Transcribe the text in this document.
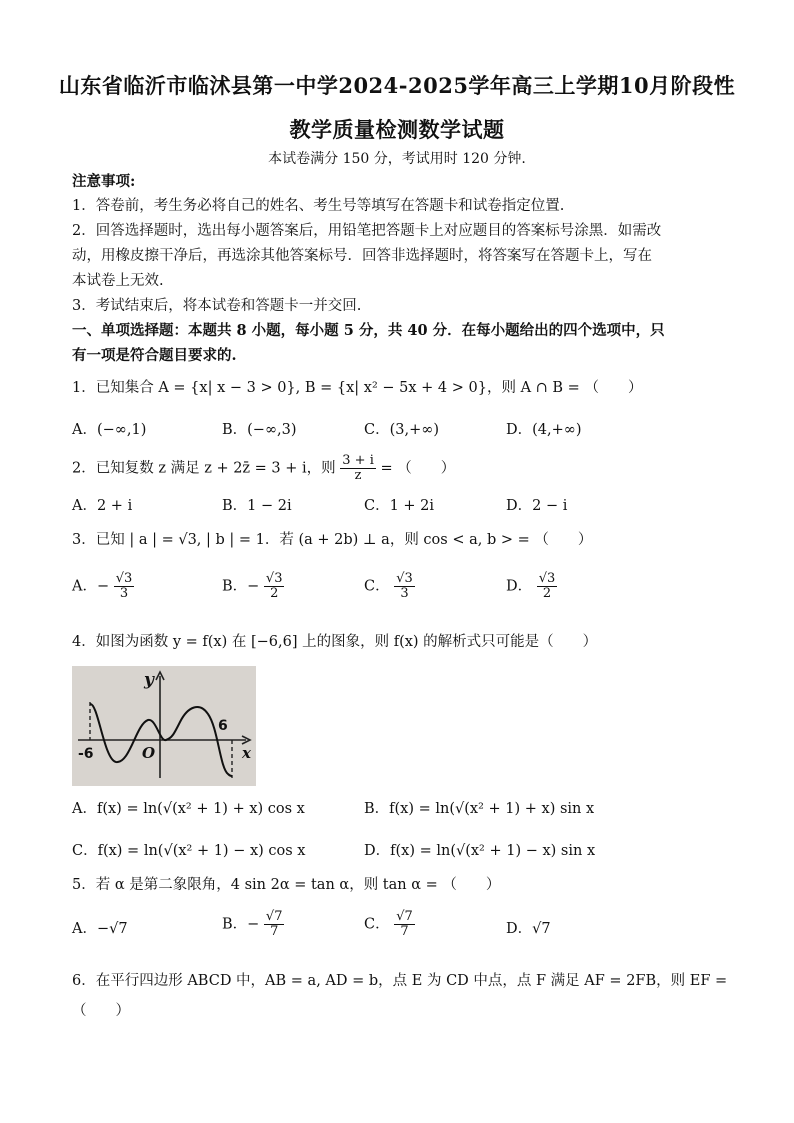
山东省临沂市临沭县第一中学2024-2025学年高三上学期10月阶段性
教学质量检测数学试题
本试卷满分 150 分，考试用时 120 分钟.
注意事项:
1．答卷前，考生务必将自己的姓名、考生号等填写在答题卡和试卷指定位置.
2．回答选择题时，选出每小题答案后，用铅笔把答题卡上对应题目的答案标号涂黑．如需改
动，用橡皮擦干净后，再选涂其他答案标号．回答非选择题时，将答案写在答题卡上，写在
本试卷上无效.
3．考试结束后，将本试卷和答题卡一并交回.
一、单项选择题：本题共 8 小题，每小题 5 分，共 40 分．在每小题给出的四个选项中，只
有一项是符合题目要求的.
1．已知集合 A = {x| x − 3 > 0}, B = {x| x² − 5x + 4 > 0}，则 A ∩ B = （　　）
A．(−∞,1)	B．(−∞,3)	C．(3,+∞)	D．(4,+∞)
2．已知复数 z 满足 z + 2z̄ = 3 + i，则 $\frac{3 + i}{z}$ = （　　）
A．2 + i	B．1 − 2i	C．1 + 2i	D．2 − i
3．已知 | a | = √3, | b | = 1．若 (a + 2b) ⊥ a，则 cos < a, b > = （　　）
A．− $\frac{√3}{3}$	B．− $\frac{√3}{2}$	C． $\frac{√3}{3}$	D． $\frac{√3}{2}$
4．如图为函数 y = f(x) 在 [−6,6] 上的图象，则 f(x) 的解析式只可能是（　　）
y
x
O
-6
6
A．f(x) = ln(√(x² + 1) + x) cos x	B．f(x) = ln(√(x² + 1) + x) sin x
C．f(x) = ln(√(x² + 1) − x) cos x	D．f(x) = ln(√(x² + 1) − x) sin x
5．若 α 是第二象限角，4 sin 2α = tan α，则 tan α = （　　）
A．−√7	B．− $\frac{√7}{7}$	C． $\frac{√7}{7}$	D．√7
6．在平行四边形 ABCD 中，AB = a, AD = b，点 E 为 CD 中点，点 F 满足 AF = 2FB，则 EF =
（　　）
